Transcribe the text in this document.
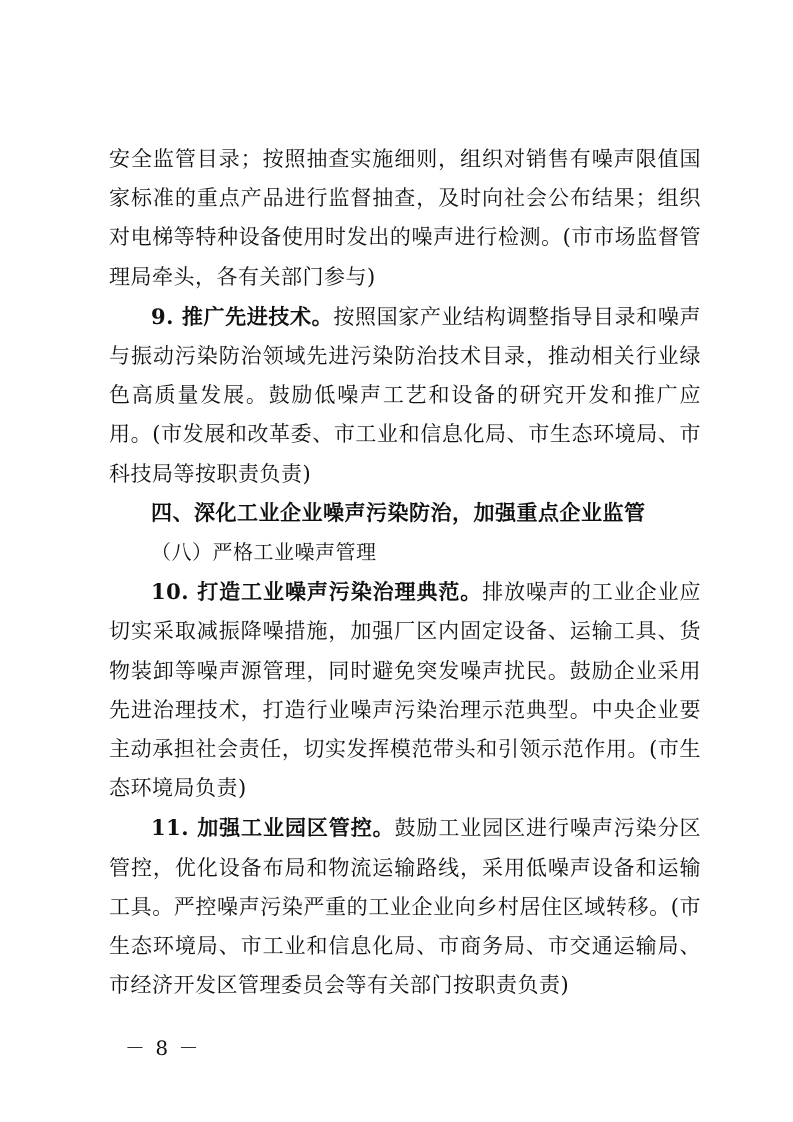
安全监管目录；按照抽查实施细则，组织对销售有噪声限值国家标准的重点产品进行监督抽查，及时向社会公布结果；组织对电梯等特种设备使用时发出的噪声进行检测。(市市场监督管理局牵头，各有关部门参与)

9. 推广先进技术。按照国家产业结构调整指导目录和噪声与振动污染防治领域先进污染防治技术目录，推动相关行业绿色高质量发展。鼓励低噪声工艺和设备的研究开发和推广应用。(市发展和改革委、市工业和信息化局、市生态环境局、市科技局等按职责负责)

四、深化工业企业噪声污染防治，加强重点企业监管

（八）严格工业噪声管理

10. 打造工业噪声污染治理典范。排放噪声的工业企业应切实采取减振降噪措施，加强厂区内固定设备、运输工具、货物装卸等噪声源管理，同时避免突发噪声扰民。鼓励企业采用先进治理技术，打造行业噪声污染治理示范典型。中央企业要主动承担社会责任，切实发挥模范带头和引领示范作用。(市生态环境局负责)

11. 加强工业园区管控。鼓励工业园区进行噪声污染分区管控，优化设备布局和物流运输路线，采用低噪声设备和运输工具。严控噪声污染严重的工业企业向乡村居住区域转移。(市生态环境局、市工业和信息化局、市商务局、市交通运输局、市经济开发区管理委员会等有关部门按职责负责)

－ 8 －
